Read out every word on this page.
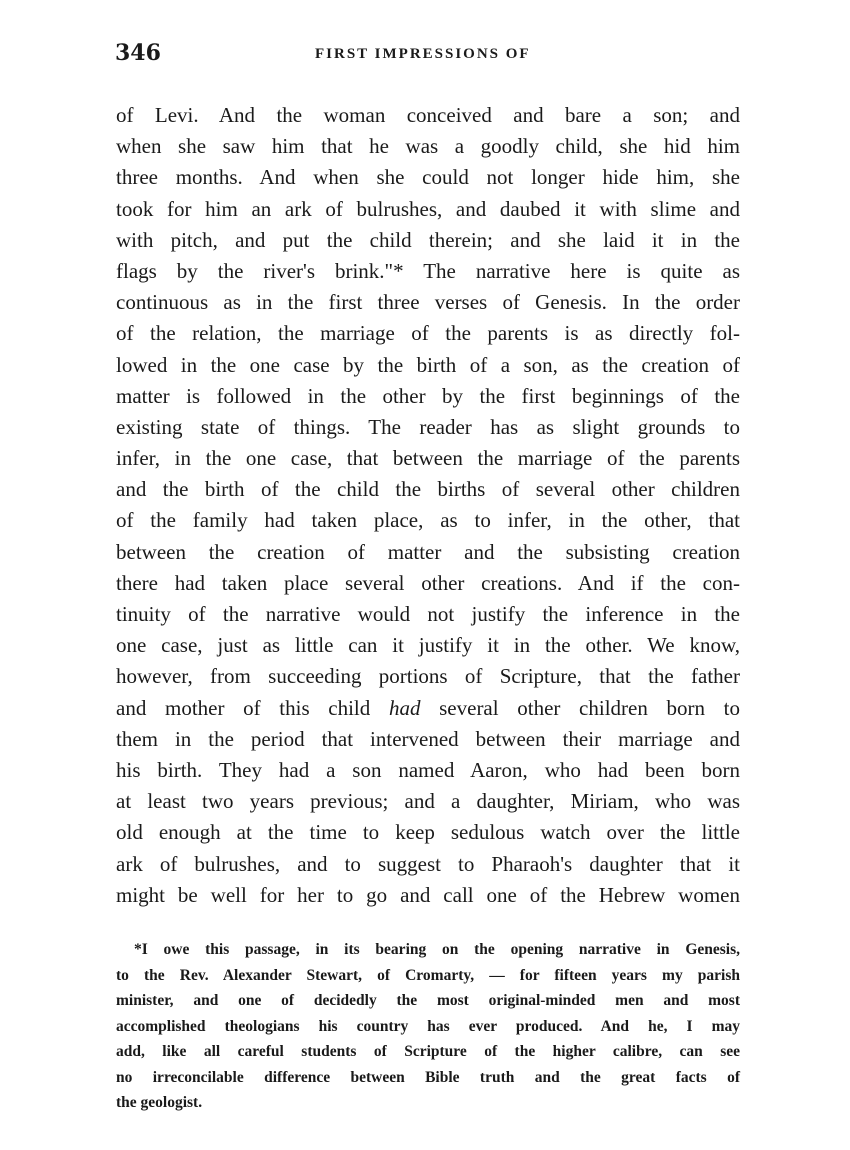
346	FIRST IMPRESSIONS OF
of Levi. And the woman conceived and bare a son; and
when she saw him that he was a goodly child, she hid him
three months. And when she could not longer hide him, she
took for him an ark of bulrushes, and daubed it with slime and
with pitch, and put the child therein; and she laid it in the
flags by the river's brink."* The narrative here is quite as
continuous as in the first three verses of Genesis. In the order
of the relation, the marriage of the parents is as directly fol-
lowed in the one case by the birth of a son, as the creation of
matter is followed in the other by the first beginnings of the
existing state of things. The reader has as slight grounds to
infer, in the one case, that between the marriage of the parents
and the birth of the child the births of several other children
of the family had taken place, as to infer, in the other, that
between the creation of matter and the subsisting creation
there had taken place several other creations. And if the con-
tinuity of the narrative would not justify the inference in the
one case, just as little can it justify it in the other. We know,
however, from succeeding portions of Scripture, that the father
and mother of this child had several other children born to
them in the period that intervened between their marriage and
his birth. They had a son named Aaron, who had been born
at least two years previous; and a daughter, Miriam, who was
old enough at the time to keep sedulous watch over the little
ark of bulrushes, and to suggest to Pharaoh's daughter that it
might be well for her to go and call one of the Hebrew women
*I owe this passage, in its bearing on the opening narrative in Genesis,
to the Rev. Alexander Stewart, of Cromarty, — for fifteen years my parish
minister, and one of decidedly the most original-minded men and most
accomplished theologians his country has ever produced. And he, I may
add, like all careful students of Scripture of the higher calibre, can see
no irreconcilable difference between Bible truth and the great facts of
the geologist.
